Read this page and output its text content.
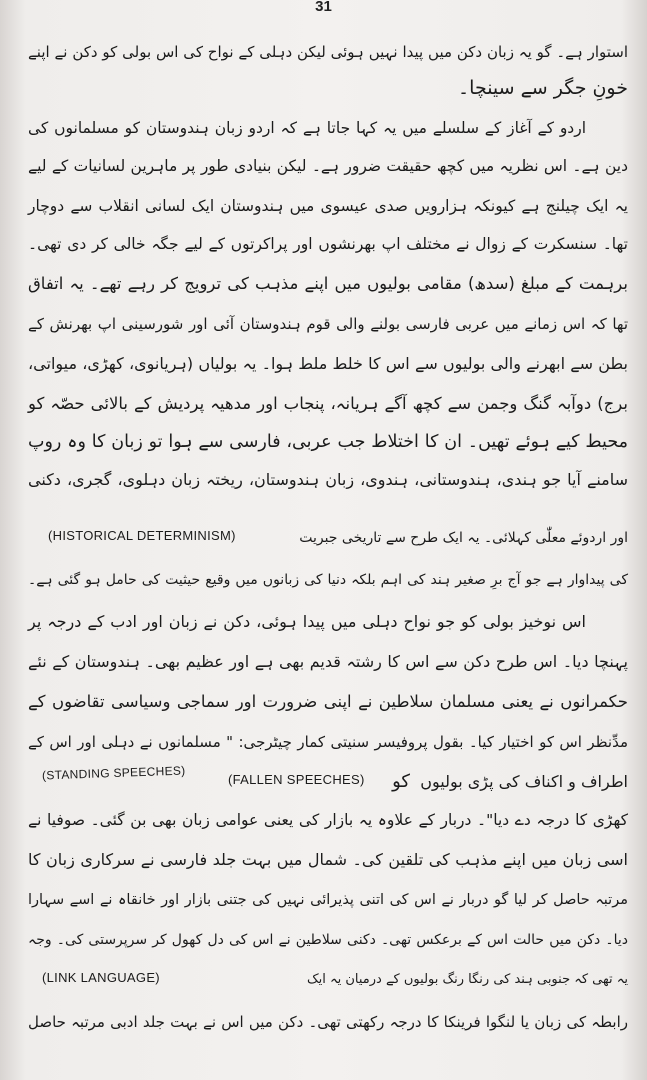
31
استوار ہے۔ گو یہ زبان دکن میں پیدا نہیں ہوئی لیکن دہلی کے نواح کی اس بولی کو دکن نے اپنے
خونِ جگر سے سینچا۔
اردو کے آغاز کے سلسلے میں یہ کہا جاتا ہے کہ اردو زبان ہندوستان کو مسلمانوں کی
دین ہے۔ اس نظریہ میں کچھ حقیقت ضرور ہے۔ لیکن بنیادی طور پر ماہرین لسانیات کے لیے
یہ ایک چیلنج ہے کیونکہ ہزارویں صدی عیسوی میں ہندوستان ایک لسانی انقلاب سے دوچار
تھا۔ سنسکرت کے زوال نے مختلف اپ بھرنشوں اور پراکرتوں کے لیے جگہ خالی کر دی تھی۔
برہمت کے مبلغ (سدھ) مقامی بولیوں میں اپنے مذہب کی ترویج کر رہے تھے۔ یہ اتفاق
تھا کہ اس زمانے میں عربی فارسی بولنے والی قوم ہندوستان آئی اور شورسینی اپ بھرنش کے
بطن سے ابھرنے والی بولیوں سے اس کا خلط ملط ہوا۔ یہ بولیاں (ہریانوی، کھڑی، میواتی،
برج) دوآبہ گنگ وجمن سے کچھ آگے ہریانہ، پنجاب اور مدھیہ پردیش کے بالائی حصّہ کو
محیط کیے ہوئے تھیں۔ ان کا اختلاط جب عربی، فارسی سے ہوا تو زبان کا وہ روپ
سامنے آیا جو ہندی، ہندوستانی، ہندوی، زبان ہندوستان، ریختہ زبان دہلوی، گجری، دکنی
اور اردوئے معلّٰی کہلائی۔ یہ ایک طرح سے تاریخی جبریت
(HISTORICAL DETERMINISM)
کی پیداوار ہے جو آج برِ صغیر ہند کی اہم بلکہ دنیا کی زبانوں میں وقیع حیثیت کی حامل ہو گئی ہے۔
اس نوخیز بولی کو جو نواح دہلی میں پیدا ہوئی، دکن نے زبان اور ادب کے درجہ پر
پہنچا دیا۔ اس طرح دکن سے اس کا رشتہ قدیم بھی ہے اور عظیم بھی۔ ہندوستان کے نئے
حکمرانوں نے یعنی مسلمان سلاطین نے اپنی ضرورت اور سماجی وسیاسی تقاضوں کے
مدِّنظر اس کو اختیار کیا۔ بقول پروفیسر سنیتی کمار چیٹرجی: " مسلمانوں نے دہلی اور اس کے
اطراف و اکناف کی پڑی بولیوں
کو
(FALLEN SPEECHES)
(STANDING SPEECHES)
کھڑی کا درجہ دے دیا"۔ دربار کے علاوہ یہ بازار کی یعنی عوامی زبان بھی بن گئی۔ صوفیا نے
اسی زبان میں اپنے مذہب کی تلقین کی۔ شمال میں بہت جلد فارسی نے سرکاری زبان کا
مرتبہ حاصل کر لیا گو دربار نے اس کی اتنی پذیرائی نہیں کی جتنی بازار اور خانقاہ نے اسے سہارا
دیا۔ دکن میں حالت اس کے برعکس تھی۔ دکنی سلاطین نے اس کی دل کھول کر سرپرستی کی۔ وجہ
یہ تھی کہ جنوبی ہند کی رنگا رنگ بولیوں کے درمیان یہ ایک
(LINK LANGUAGE)
رابطہ کی زبان یا لنگوا فرینکا کا درجہ رکھتی تھی۔ دکن میں اس نے بہت جلد ادبی مرتبہ حاصل
